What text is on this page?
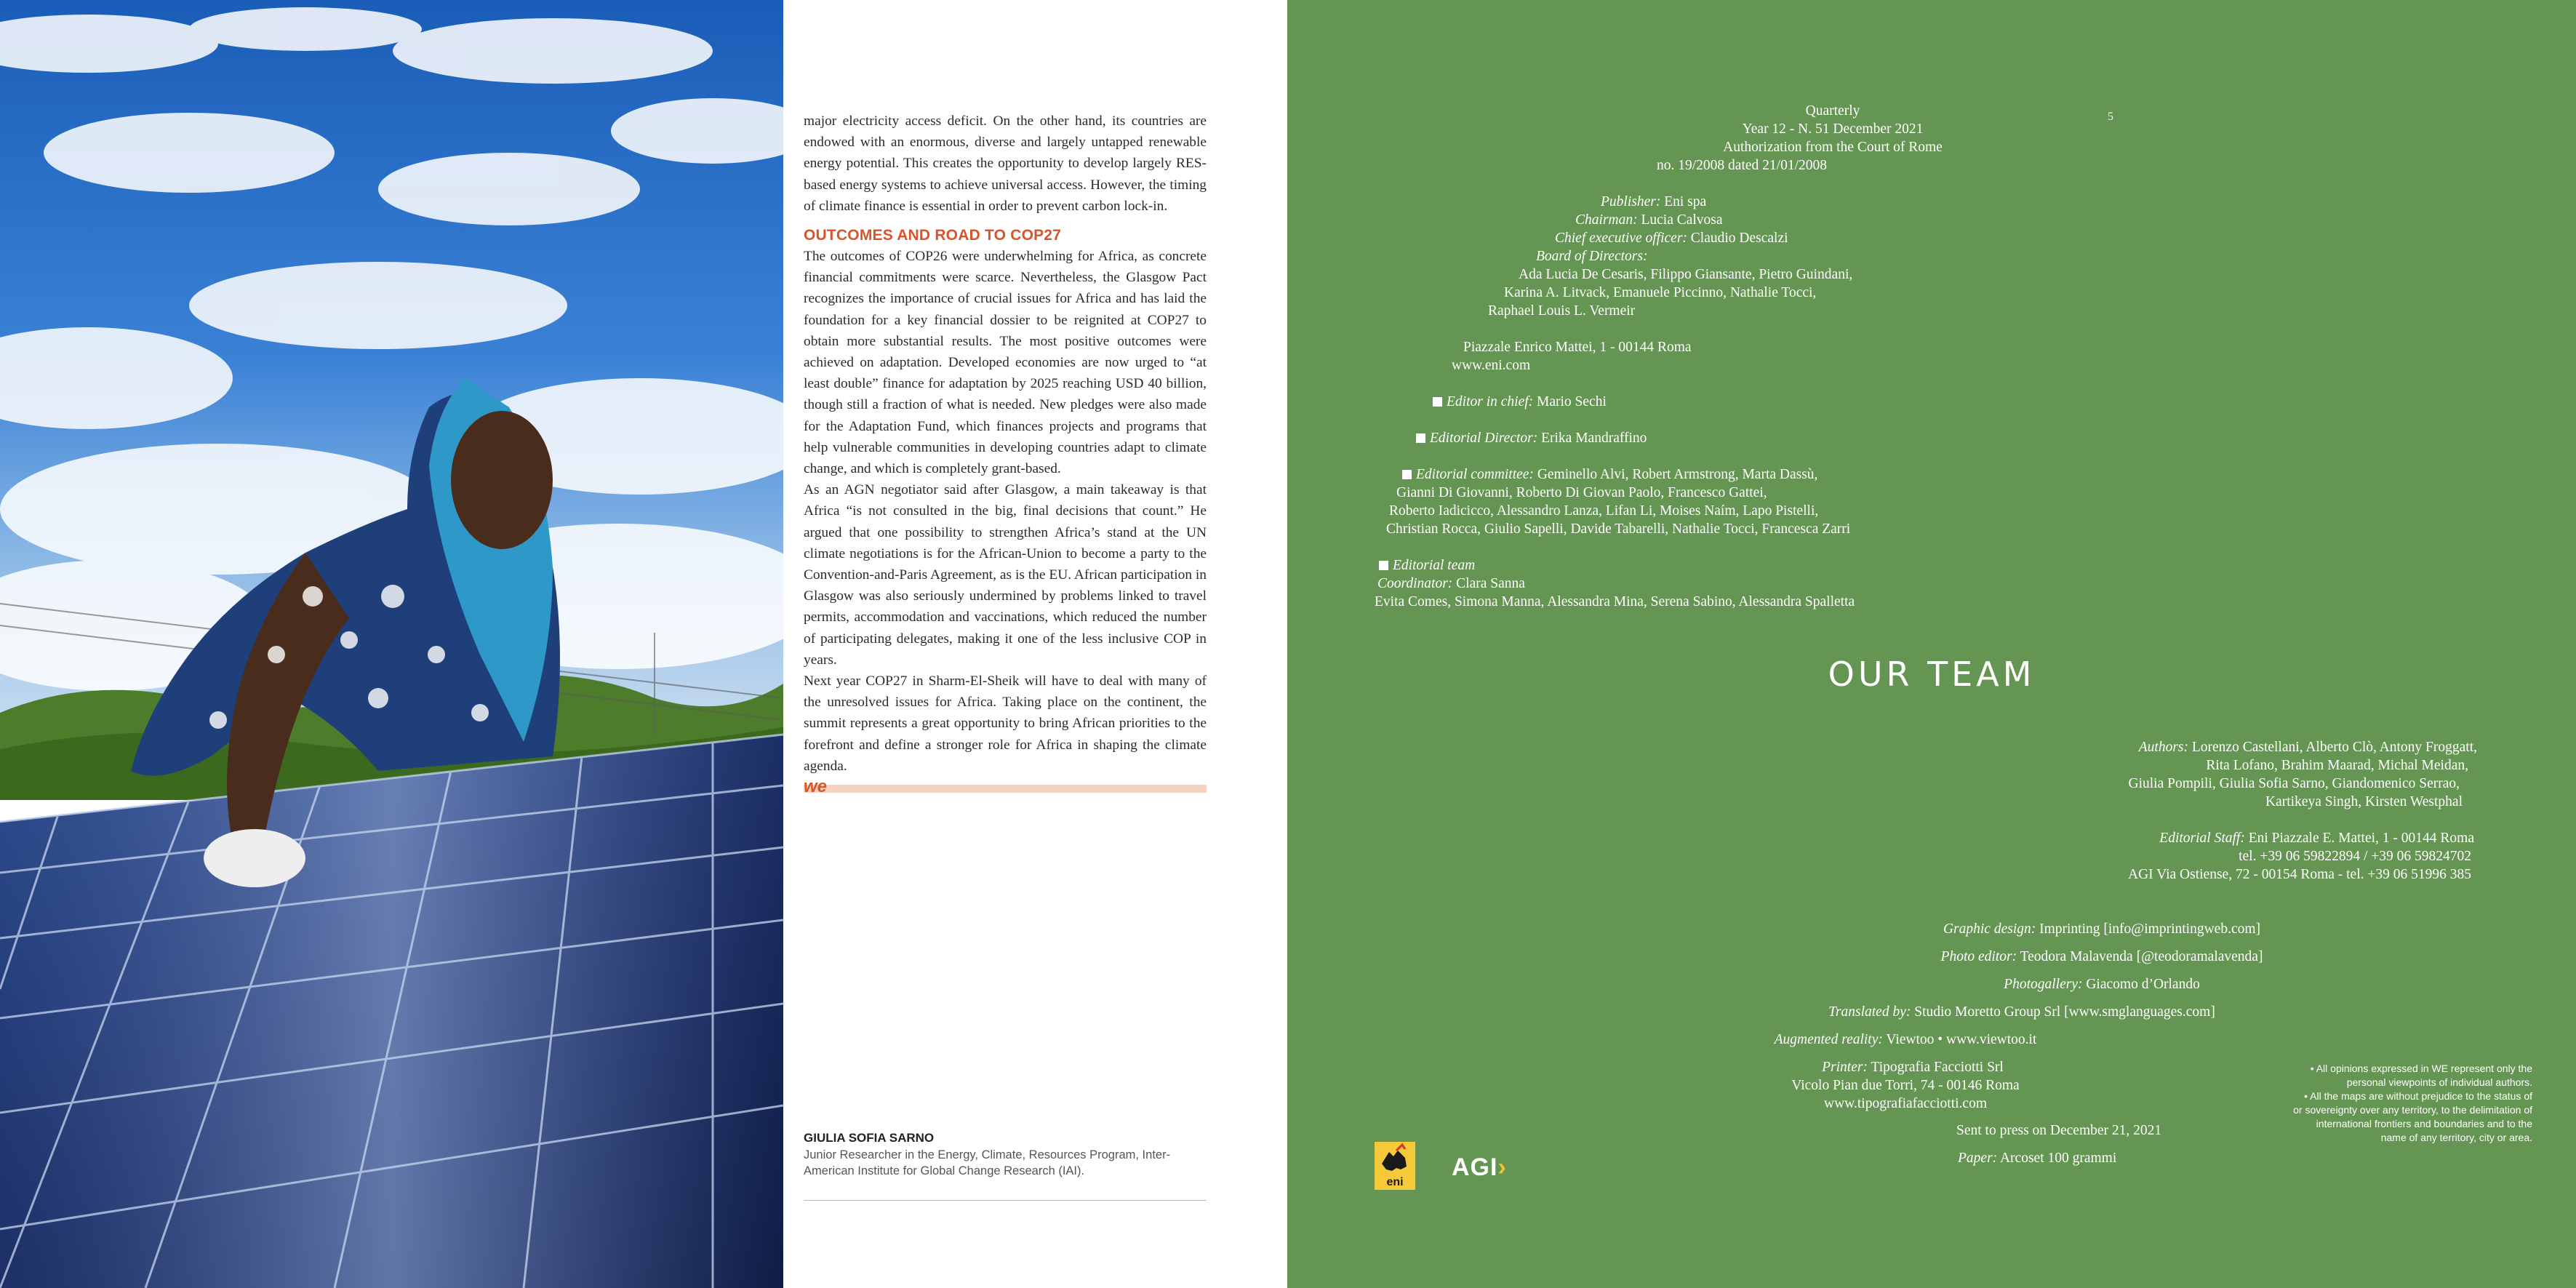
major electricity access deficit. On the other hand, its countries are endowed with an enormous, diverse and largely untapped renewable energy potential. This creates the opportunity to develop largely RES-based energy systems to achieve universal access. However, the timing of climate finance is essential in order to prevent carbon lock-in.

OUTCOMES AND ROAD TO COP27

The outcomes of COP26 were underwhelming for Africa, as concrete financial commitments were scarce. Nevertheless, the Glasgow Pact recognizes the importance of crucial issues for Africa and has laid the foundation for a key financial dossier to be reignited at COP27 to obtain more substantial results. The most positive outcomes were achieved on adaptation. Developed economies are now urged to “at least double” finance for adaptation by 2025 reaching USD 40 billion, though still a fraction of what is needed. New pledges were also made for the Adaptation Fund, which finances projects and programs that help vulnerable communities in developing countries adapt to climate change, and which is completely grant-based.

As an AGN negotiator said after Glasgow, a main takeaway is that Africa “is not consulted in the big, final decisions that count.” He argued that one possibility to strengthen Africa’s stand at the UN climate negotiations is for the African-Union to become a party to the Convention-and-Paris Agreement, as is the EU. African participation in Glasgow was also seriously undermined by problems linked to travel permits, accommodation and vaccinations, which reduced the number of participating delegates, making it one of the less inclusive COP in years.

Next year COP27 in Sharm-El-Sheik will have to deal with many of the unresolved issues for Africa. Taking place on the continent, the summit represents a great opportunity to bring African priorities to the forefront and define a stronger role for Africa in shaping the climate agenda.

we
GIULIA SOFIA SARNO
Junior Researcher in the Energy, Climate, Resources Program, Inter-American Institute for Global Change Research (IAI).
5
Quarterly
Year 12 - N. 51 December 2021
Authorization from the Court of Rome
no. 19/2008 dated 21/01/2008
Publisher: Eni spa
Chairman: Lucia Calvosa
Chief executive officer: Claudio Descalzi
Board of Directors:
Ada Lucia De Cesaris, Filippo Giansante, Pietro Guindani,
Karina A. Litvack, Emanuele Piccinno, Nathalie Tocci,
Raphael Louis L. Vermeir
Piazzale Enrico Mattei, 1 - 00144 Roma
www.eni.com
Editor in chief: Mario Sechi
Editorial Director: Erika Mandraffino
Editorial committee: Geminello Alvi, Robert Armstrong, Marta Dassù,
Gianni Di Giovanni, Roberto Di Giovan Paolo, Francesco Gattei,
Roberto Iadicicco, Alessandro Lanza, Lifan Li, Moises Naím, Lapo Pistelli,
Christian Rocca, Giulio Sapelli, Davide Tabarelli, Nathalie Tocci, Francesca Zarri
Editorial team
Coordinator: Clara Sanna
Evita Comes, Simona Manna, Alessandra Mina, Serena Sabino, Alessandra Spalletta
OUR TEAM
Authors: Lorenzo Castellani, Alberto Clò, Antony Froggatt,
Rita Lofano, Brahim Maarad, Michal Meidan,
Giulia Pompili, Giulia Sofia Sarno, Giandomenico Serrao,
Kartikeya Singh, Kirsten Westphal
Editorial Staff: Eni Piazzale E. Mattei, 1 - 00144 Roma
tel. +39 06 59822894 / +39 06 59824702
AGI Via Ostiense, 72 - 00154 Roma - tel. +39 06 51996 385
Graphic design: Imprinting [info@imprintingweb.com]
Photo editor: Teodora Malavenda [@teodoramalavenda]
Photogallery: Giacomo d’Orlando
Translated by: Studio Moretto Group Srl [www.smglanguages.com]
Augmented reality: Viewtoo • www.viewtoo.it
Printer: Tipografia Facciotti Srl
Vicolo Pian due Torri, 74 - 00146 Roma
www.tipografiafacciotti.com
Sent to press on December 21, 2021
Paper: Arcoset 100 grammi
• All opinions expressed in WE represent only the personal viewpoints of individual authors.
• All the maps are without prejudice to the status of or sovereignty over any territory, to the delimitation of international frontiers and boundaries and to the name of any territory, city or area.
eni
AGI›
